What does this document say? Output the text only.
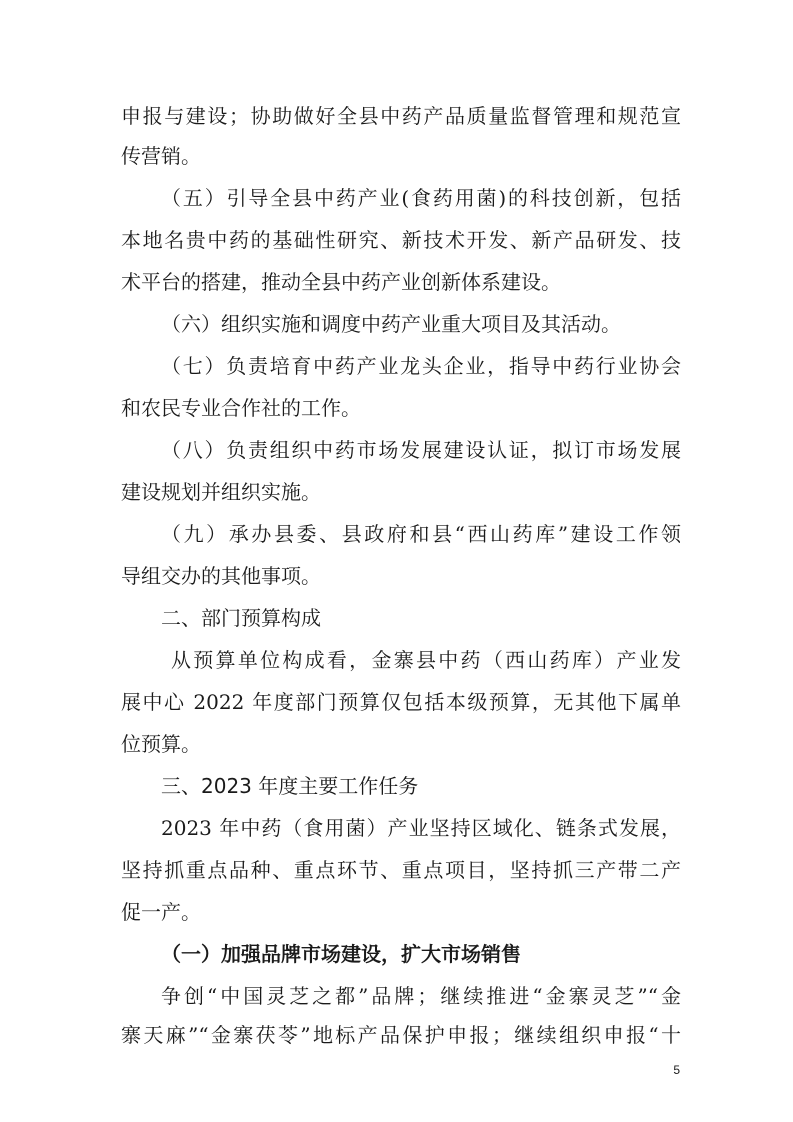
申报与建设；协助做好全县中药产品质量监督管理和规范宣
传营销。
（五）引导全县中药产业(食药用菌)的科技创新，包括
本地名贵中药的基础性研究、新技术开发、新产品研发、技
术平台的搭建，推动全县中药产业创新体系建设。
（六）组织实施和调度中药产业重大项目及其活动。
（七）负责培育中药产业龙头企业，指导中药行业协会
和农民专业合作社的工作。
（八）负责组织中药市场发展建设认证，拟订市场发展
建设规划并组织实施。
（九）承办县委、县政府和县“西山药库”建设工作领
导组交办的其他事项。
二、部门预算构成
从预算单位构成看，金寨县中药（西山药库）产业发
展中心 2022 年度部门预算仅包括本级预算，无其他下属单
位预算。
三、2023 年度主要工作任务
2023 年中药（食用菌）产业坚持区域化、链条式发展，
坚持抓重点品种、重点环节、重点项目，坚持抓三产带二产
促一产。
（一）加强品牌市场建设，扩大市场销售
争创“中国灵芝之都”品牌；继续推进“金寨灵芝”“金
寨天麻”“金寨茯苓”地标产品保护申报；继续组织申报“十
5
